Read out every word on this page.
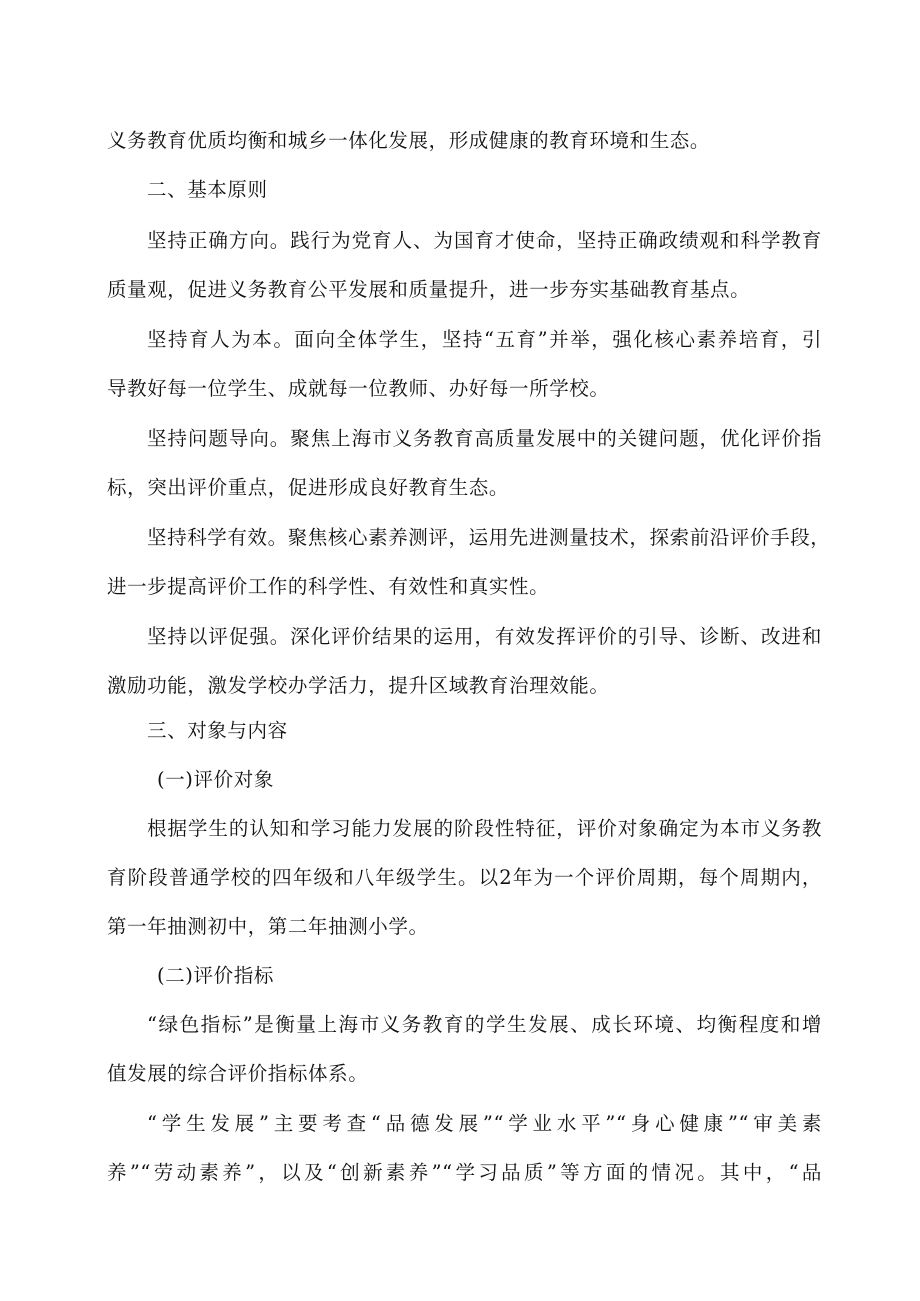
义务教育优质均衡和城乡一体化发展，形成健康的教育环境和生态。
二、基本原则
坚持正确方向。践行为党育人、为国育才使命，坚持正确政绩观和科学教育
质量观，促进义务教育公平发展和质量提升，进一步夯实基础教育基点。
坚持育人为本。面向全体学生，坚持“五育”并举，强化核心素养培育，引
导教好每一位学生、成就每一位教师、办好每一所学校。
坚持问题导向。聚焦上海市义务教育高质量发展中的关键问题，优化评价指
标，突出评价重点，促进形成良好教育生态。
坚持科学有效。聚焦核心素养测评，运用先进测量技术，探索前沿评价手段，
进一步提高评价工作的科学性、有效性和真实性。
坚持以评促强。深化评价结果的运用，有效发挥评价的引导、诊断、改进和
激励功能，激发学校办学活力，提升区域教育治理效能。
三、对象与内容
(一)评价对象
根据学生的认知和学习能力发展的阶段性特征，评价对象确定为本市义务教
育阶段普通学校的四年级和八年级学生。以2年为一个评价周期，每个周期内，
第一年抽测初中，第二年抽测小学。
(二)评价指标
“绿色指标”是衡量上海市义务教育的学生发展、成长环境、均衡程度和增
值发展的综合评价指标体系。
“学生发展”主要考查“品德发展”“学业水平”“身心健康”“审美素
养”“劳动素养”，以及“创新素养”“学习品质”等方面的情况。其中，“品
